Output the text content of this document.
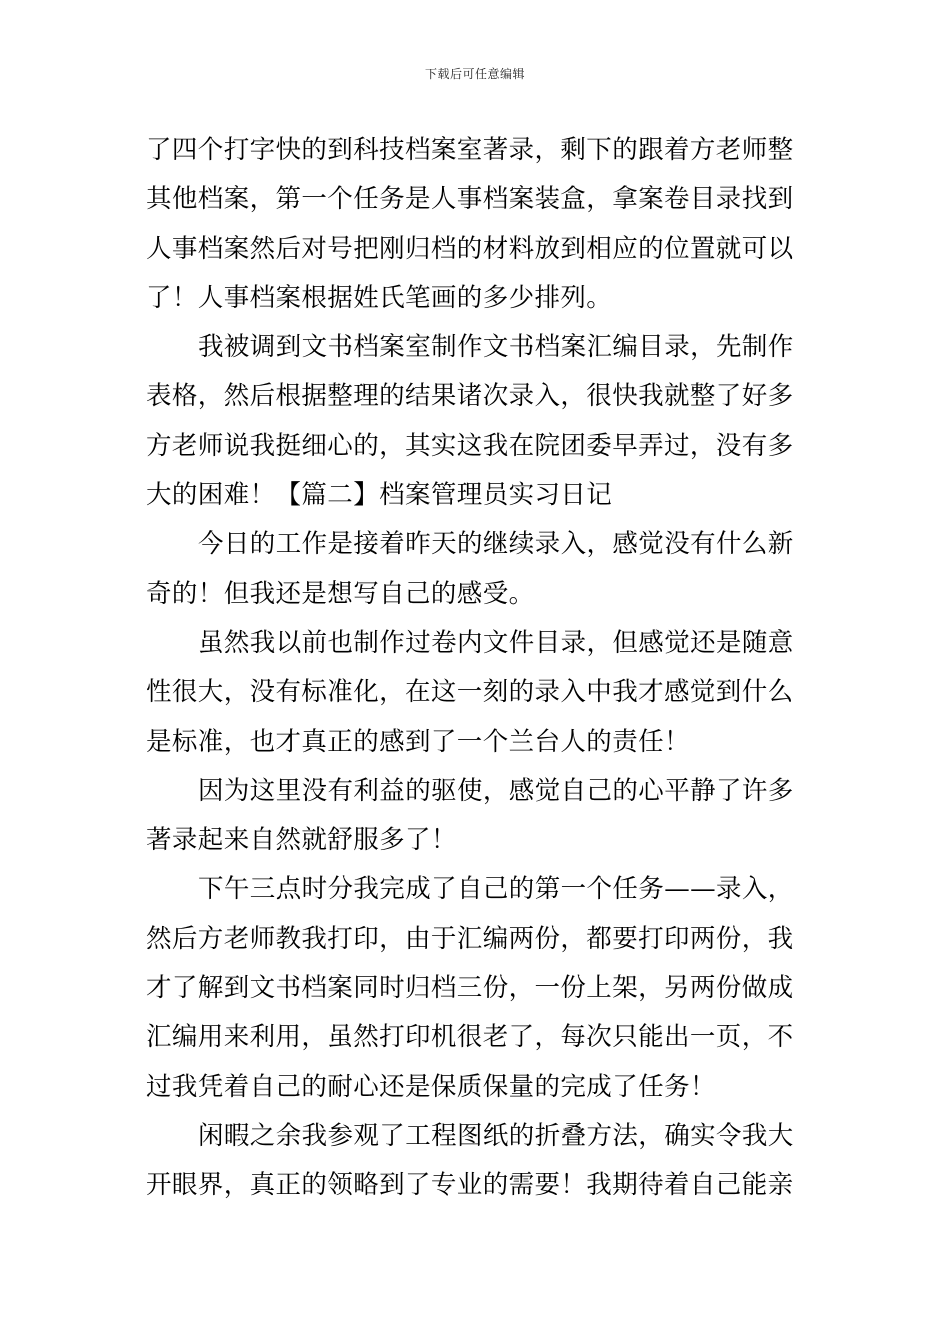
下载后可任意编辑
了四个打字快的到科技档案室著录，剩下的跟着方老师整
其他档案，第一个任务是人事档案装盒，拿案卷目录找到
人事档案然后对号把刚归档的材料放到相应的位置就可以
了！人事档案根据姓氏笔画的多少排列。
我被调到文书档案室制作文书档案汇编目录，先制作
表格，然后根据整理的结果诸次录入，很快我就整了好多
方老师说我挺细心的，其实这我在院团委早弄过，没有多
大的困难！【篇二】档案管理员实习日记
今日的工作是接着昨天的继续录入，感觉没有什么新
奇的！但我还是想写自己的感受。
虽然我以前也制作过卷内文件目录，但感觉还是随意
性很大，没有标准化，在这一刻的录入中我才感觉到什么
是标准，也才真正的感到了一个兰台人的责任！
因为这里没有利益的驱使，感觉自己的心平静了许多
著录起来自然就舒服多了！
下午三点时分我完成了自己的第一个任务——录入，
然后方老师教我打印，由于汇编两份，都要打印两份，我
才了解到文书档案同时归档三份，一份上架，另两份做成
汇编用来利用，虽然打印机很老了，每次只能出一页，不
过我凭着自己的耐心还是保质保量的完成了任务！
闲暇之余我参观了工程图纸的折叠方法，确实令我大
开眼界，真正的领略到了专业的需要！我期待着自己能亲
